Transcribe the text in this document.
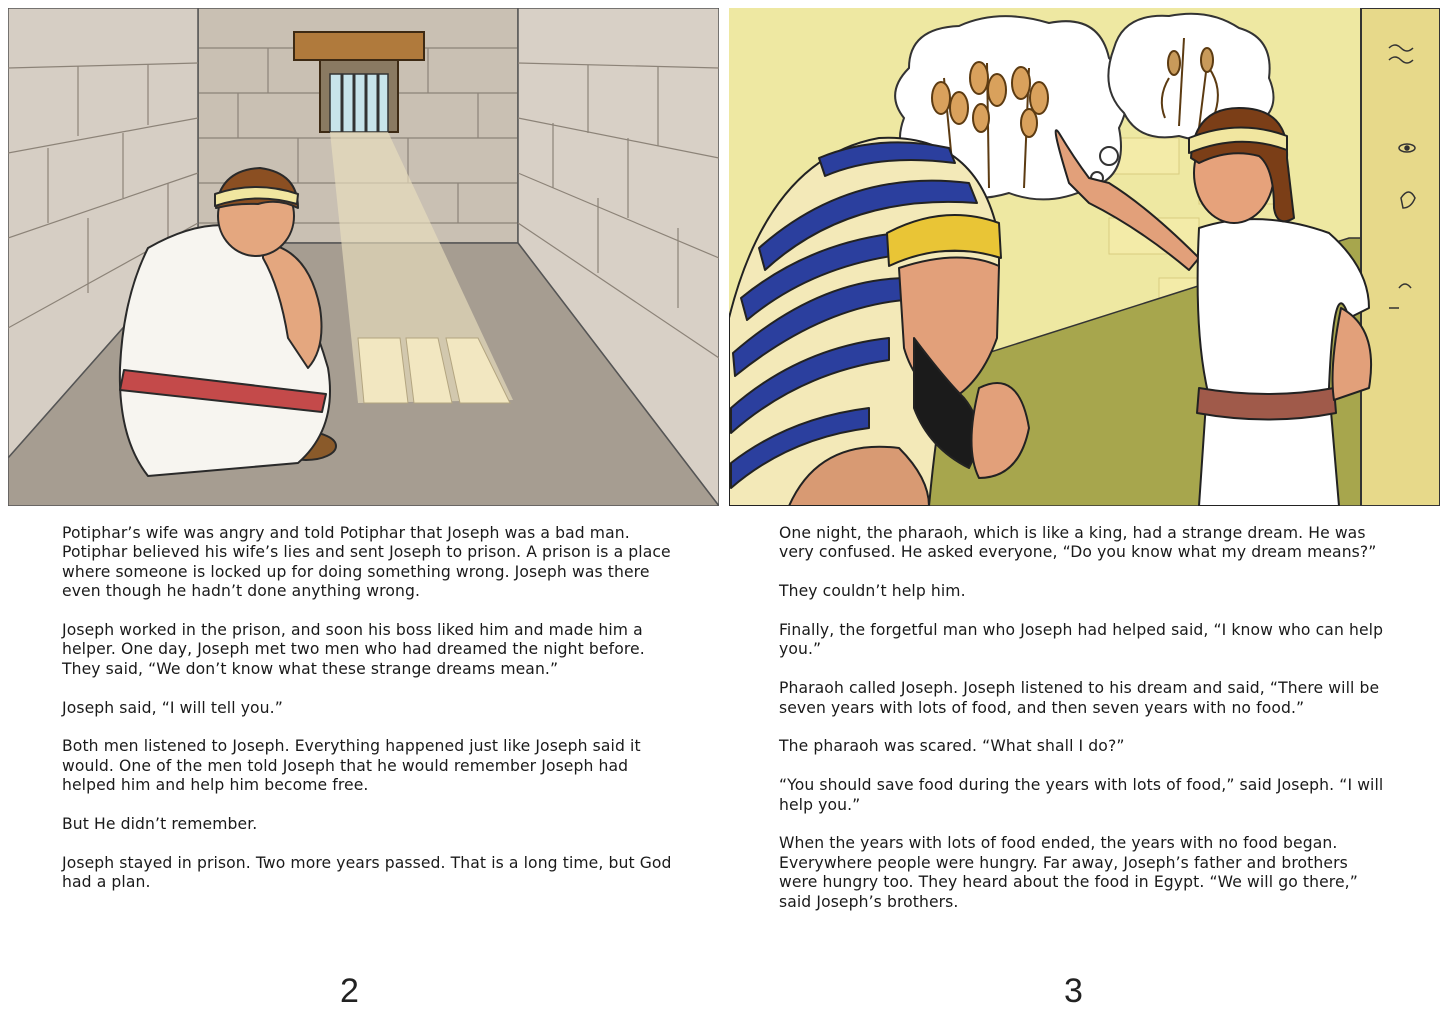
Potiphar’s wife was angry and told Potiphar that Joseph was a bad man. Potiphar believed his wife’s lies and sent Joseph to prison. A prison is a place where someone is locked up for doing something wrong. Joseph was there even though he hadn’t done anything wrong.

Joseph worked in the prison, and soon his boss liked him and made him a helper. One day, Joseph met two men who had dreamed the night before. They said, “We don’t know what these strange dreams mean.”

Joseph said, “I will tell you.”

Both men listened to Joseph. Everything happened just like Joseph said it would. One of the men told Joseph that he would remember Joseph had helped him and help him become free.

But He didn’t remember.

Joseph stayed in prison. Two more years passed. That is a long time, but God had a plan.

One night, the pharaoh, which is like a king, had a strange dream. He was very confused. He asked everyone, “Do you know what my dream means?”

They couldn’t help him.

Finally, the forgetful man who Joseph had helped said, “I know who can help you.”

Pharaoh called Joseph. Joseph listened to his dream and said, “There will be seven years with lots of food, and then seven years with no food.”

The pharaoh was scared. “What shall I do?”

“You should save food during the years with lots of food,” said Joseph. “I will help you.”

When the years with lots of food ended, the years with no food began. Everywhere people were hungry. Far away, Joseph’s father and brothers were hungry too. They heard about the food in Egypt. “We will go there,” said Joseph’s brothers.

2	3
